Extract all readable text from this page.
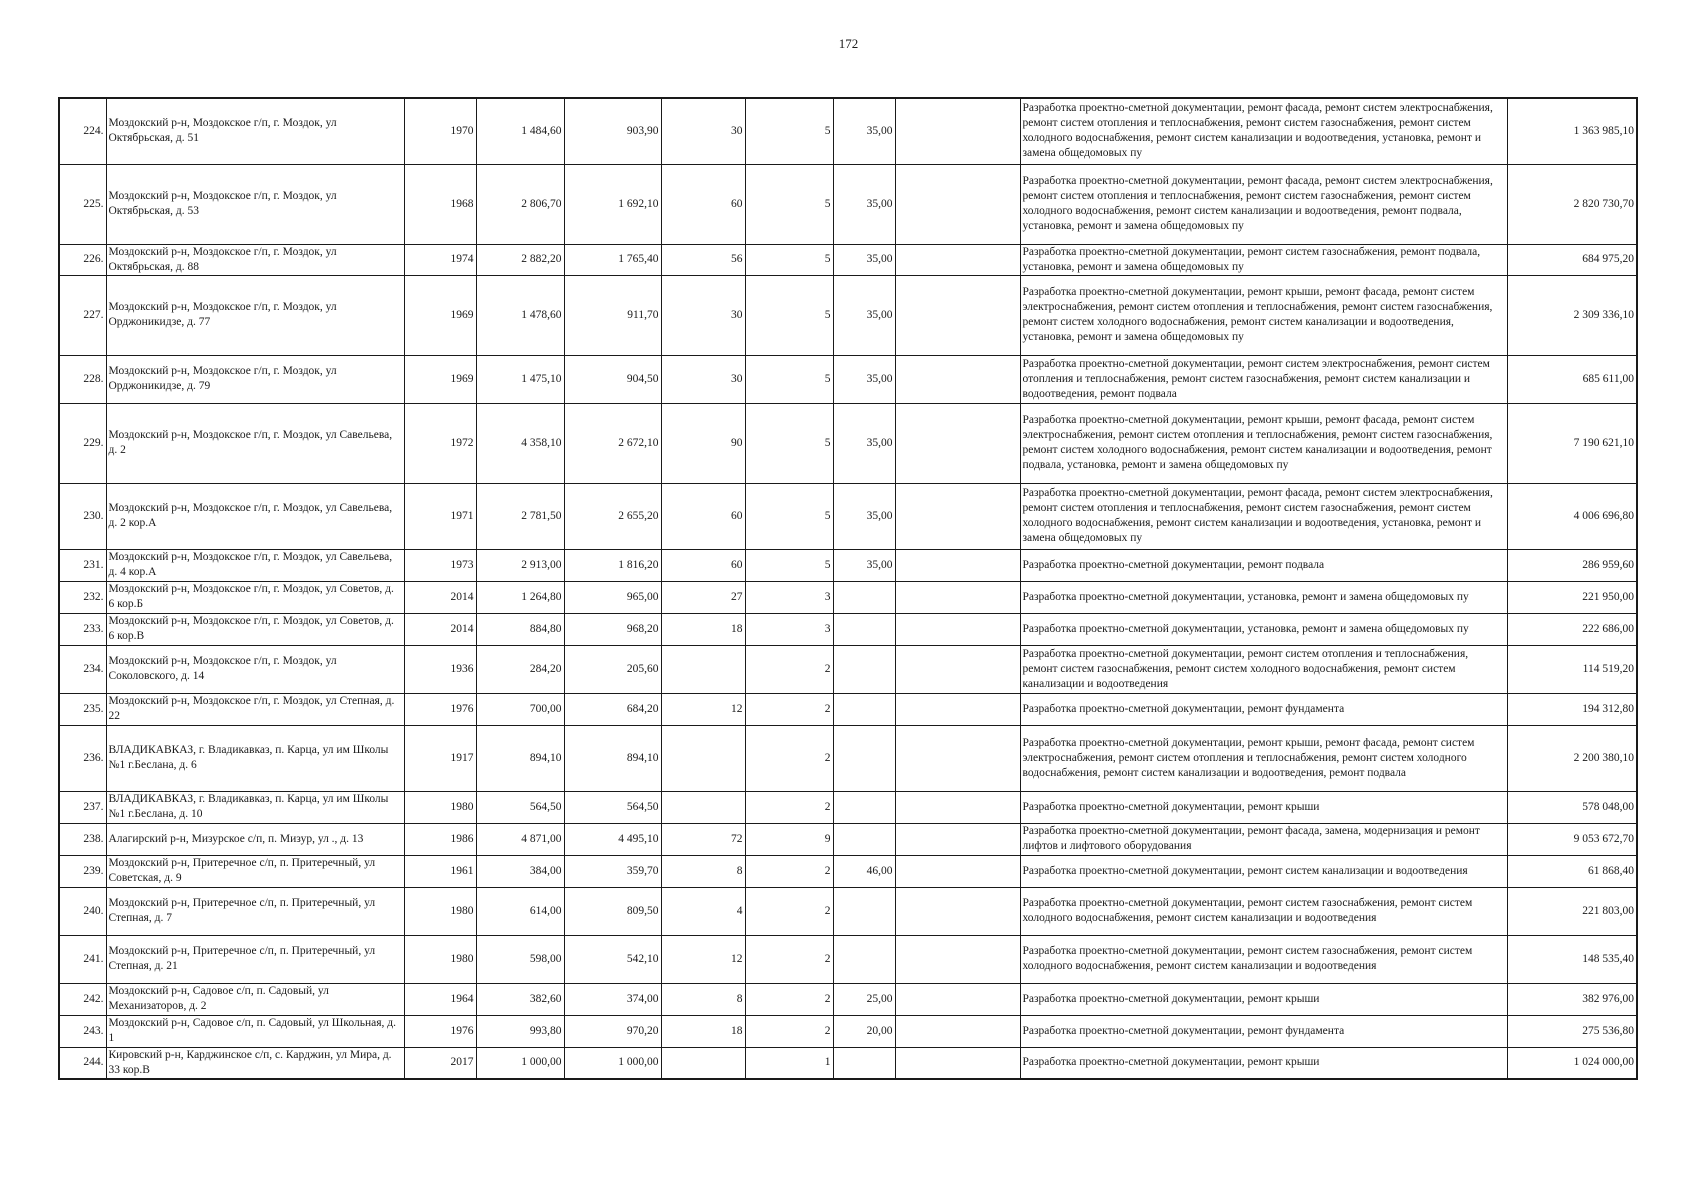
172
224.	Моздокский р-н, Моздокское г/п, г. Моздок, ул Октябрьская, д. 51	1970	1 484,60	903,90	30	5	35,00		Разработка проектно-сметной документации, ремонт фасада, ремонт систем электроснабжения, ремонт систем отопления и теплоснабжения, ремонт систем газоснабжения, ремонт систем холодного водоснабжения, ремонт систем канализации и водоотведения, установка, ремонт и замена общедомовых пу	1 363 985,10
225.	Моздокский р-н, Моздокское г/п, г. Моздок, ул Октябрьская, д. 53	1968	2 806,70	1 692,10	60	5	35,00		Разработка проектно-сметной документации, ремонт фасада, ремонт систем электроснабжения, ремонт систем отопления и теплоснабжения, ремонт систем газоснабжения, ремонт систем холодного водоснабжения, ремонт систем канализации и водоотведения, ремонт подвала, установка, ремонт и замена общедомовых пу	2 820 730,70
226.	Моздокский р-н, Моздокское г/п, г. Моздок, ул Октябрьская, д. 88	1974	2 882,20	1 765,40	56	5	35,00		Разработка проектно-сметной документации, ремонт систем газоснабжения, ремонт подвала, установка, ремонт и замена общедомовых пу	684 975,20
227.	Моздокский р-н, Моздокское г/п, г. Моздок, ул Орджоникидзе, д. 77	1969	1 478,60	911,70	30	5	35,00		Разработка проектно-сметной документации, ремонт крыши, ремонт фасада, ремонт систем электроснабжения, ремонт систем отопления и теплоснабжения, ремонт систем газоснабжения, ремонт систем холодного водоснабжения, ремонт систем канализации и водоотведения, установка, ремонт и замена общедомовых пу	2 309 336,10
228.	Моздокский р-н, Моздокское г/п, г. Моздок, ул Орджоникидзе, д. 79	1969	1 475,10	904,50	30	5	35,00		Разработка проектно-сметной документации, ремонт систем электроснабжения, ремонт систем отопления и теплоснабжения, ремонт систем газоснабжения, ремонт систем канализации и водоотведения, ремонт подвала	685 611,00
229.	Моздокский р-н, Моздокское г/п, г. Моздок, ул Савельева, д. 2	1972	4 358,10	2 672,10	90	5	35,00		Разработка проектно-сметной документации, ремонт крыши, ремонт фасада, ремонт систем электроснабжения, ремонт систем отопления и теплоснабжения, ремонт систем газоснабжения, ремонт систем холодного водоснабжения, ремонт систем канализации и водоотведения, ремонт подвала, установка, ремонт и замена общедомовых пу	7 190 621,10
230.	Моздокский р-н, Моздокское г/п, г. Моздок, ул Савельева, д. 2 кор.А	1971	2 781,50	2 655,20	60	5	35,00		Разработка проектно-сметной документации, ремонт фасада, ремонт систем электроснабжения, ремонт систем отопления и теплоснабжения, ремонт систем газоснабжения, ремонт систем холодного водоснабжения, ремонт систем канализации и водоотведения, установка, ремонт и замена общедомовых пу	4 006 696,80
231.	Моздокский р-н, Моздокское г/п, г. Моздок, ул Савельева, д. 4 кор.А	1973	2 913,00	1 816,20	60	5	35,00		Разработка проектно-сметной документации, ремонт подвала	286 959,60
232.	Моздокский р-н, Моздокское г/п, г. Моздок, ул Советов, д. 6 кор.Б	2014	1 264,80	965,00	27	3			Разработка проектно-сметной документации, установка, ремонт и замена общедомовых пу	221 950,00
233.	Моздокский р-н, Моздокское г/п, г. Моздок, ул Советов, д. 6 кор.В	2014	884,80	968,20	18	3			Разработка проектно-сметной документации, установка, ремонт и замена общедомовых пу	222 686,00
234.	Моздокский р-н, Моздокское г/п, г. Моздок, ул Соколовского, д. 14	1936	284,20	205,60		2			Разработка проектно-сметной документации, ремонт систем отопления и теплоснабжения, ремонт систем газоснабжения, ремонт систем холодного водоснабжения, ремонт систем канализации и водоотведения	114 519,20
235.	Моздокский р-н, Моздокское г/п, г. Моздок, ул Степная, д. 22	1976	700,00	684,20	12	2			Разработка проектно-сметной документации, ремонт фундамента	194 312,80
236.	ВЛАДИКАВКАЗ, г. Владикавказ, п. Карца, ул им Школы №1 г.Беслана, д. 6	1917	894,10	894,10		2			Разработка проектно-сметной документации, ремонт крыши, ремонт фасада, ремонт систем электроснабжения, ремонт систем отопления и теплоснабжения, ремонт систем холодного водоснабжения, ремонт систем канализации и водоотведения, ремонт подвала	2 200 380,10
237.	ВЛАДИКАВКАЗ, г. Владикавказ, п. Карца, ул им Школы №1 г.Беслана, д. 10	1980	564,50	564,50		2			Разработка проектно-сметной документации, ремонт крыши	578 048,00
238.	Алагирский р-н, Мизурское с/п, п. Мизур, ул ., д. 13	1986	4 871,00	4 495,10	72	9			Разработка проектно-сметной документации, ремонт фасада, замена, модернизация и ремонт лифтов и лифтового оборудования	9 053 672,70
239.	Моздокский р-н, Притеречное с/п, п. Притеречный, ул Советская, д. 9	1961	384,00	359,70	8	2	46,00		Разработка проектно-сметной документации, ремонт систем канализации и водоотведения	61 868,40
240.	Моздокский р-н, Притеречное с/п, п. Притеречный, ул Степная, д. 7	1980	614,00	809,50	4	2			Разработка проектно-сметной документации, ремонт систем газоснабжения, ремонт систем холодного водоснабжения, ремонт систем канализации и водоотведения	221 803,00
241.	Моздокский р-н, Притеречное с/п, п. Притеречный, ул Степная, д. 21	1980	598,00	542,10	12	2			Разработка проектно-сметной документации, ремонт систем газоснабжения, ремонт систем холодного водоснабжения, ремонт систем канализации и водоотведения	148 535,40
242.	Моздокский р-н, Садовое с/п, п. Садовый, ул Механизаторов, д. 2	1964	382,60	374,00	8	2	25,00		Разработка проектно-сметной документации, ремонт крыши	382 976,00
243.	Моздокский р-н, Садовое с/п, п. Садовый, ул Школьная, д. 1	1976	993,80	970,20	18	2	20,00		Разработка проектно-сметной документации, ремонт фундамента	275 536,80
244.	Кировский р-н, Карджинское с/п, с. Карджин, ул Мира, д. 33 кор.В	2017	1 000,00	1 000,00		1			Разработка проектно-сметной документации, ремонт крыши	1 024 000,00
